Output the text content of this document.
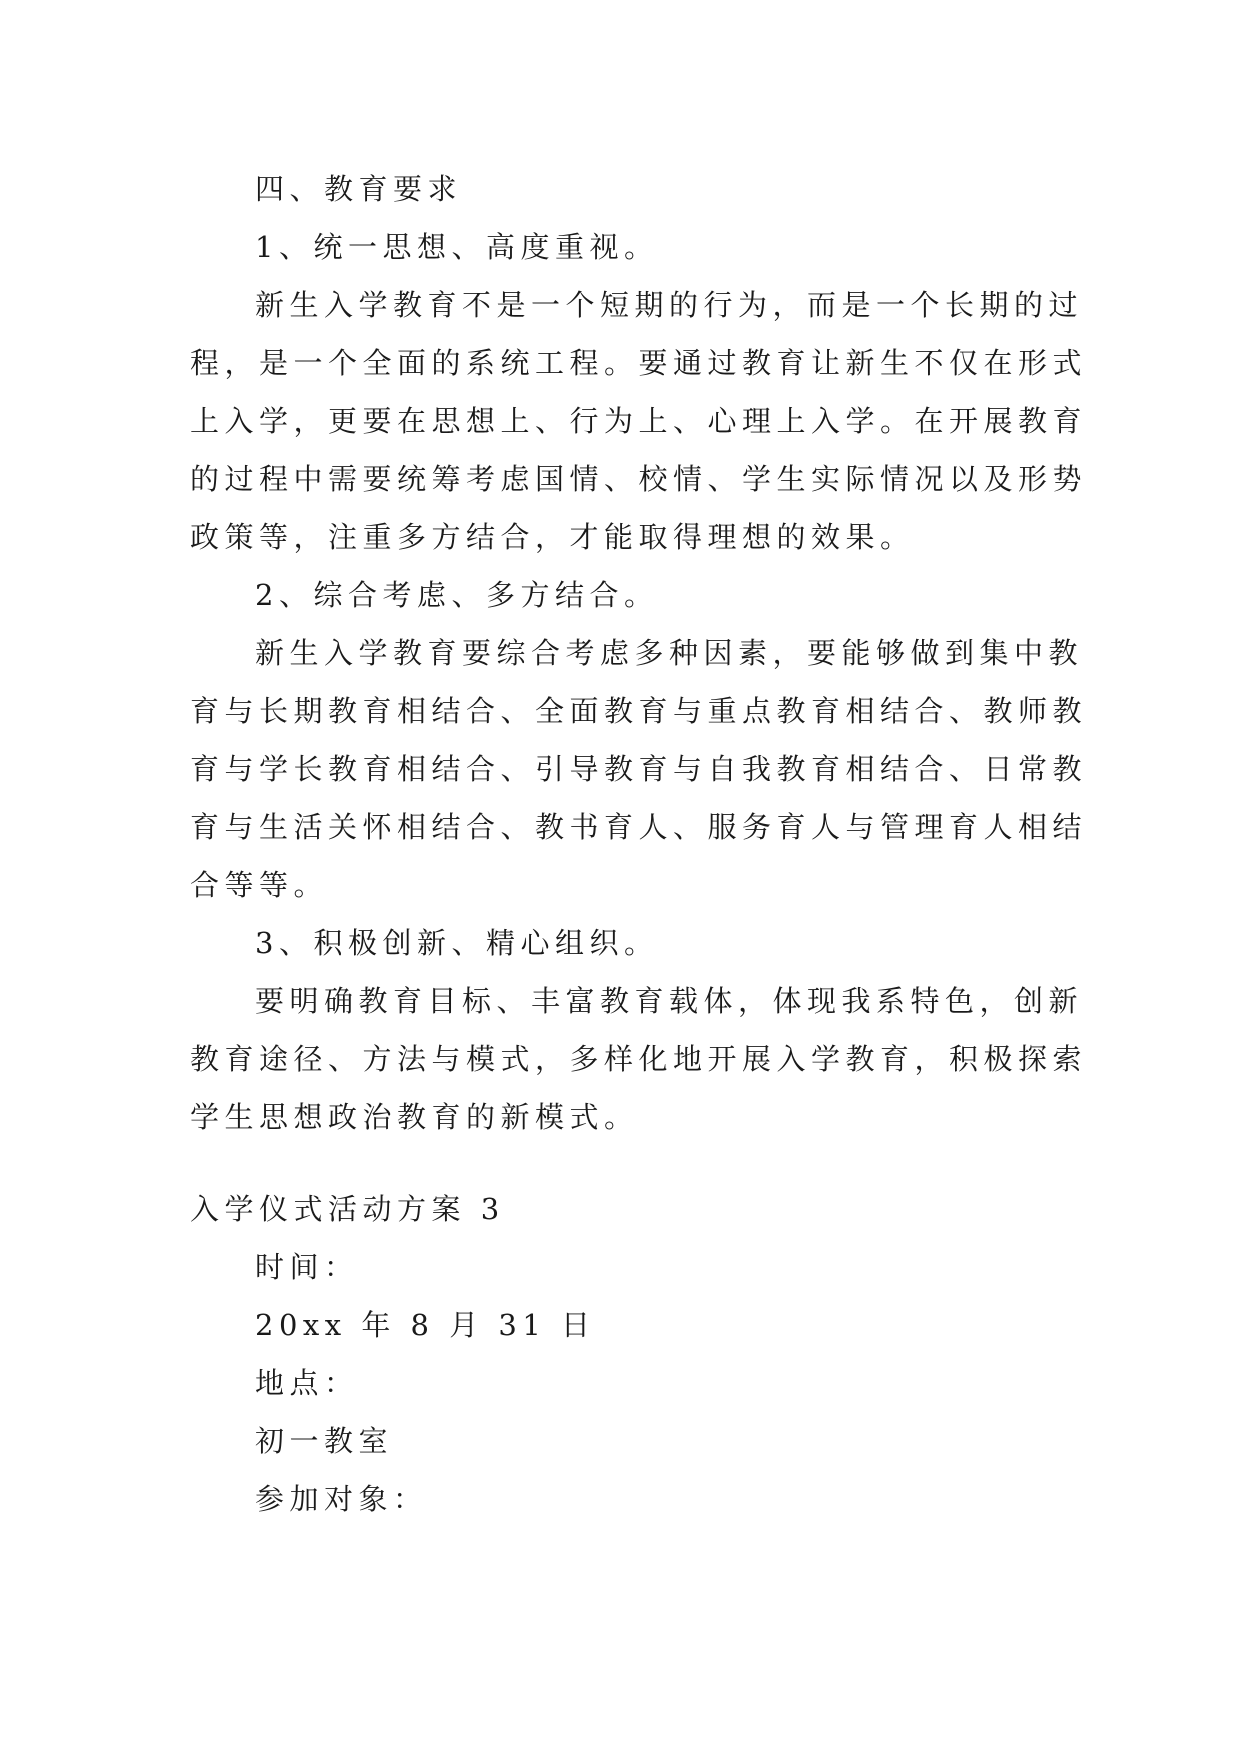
四、教育要求

1、统一思想、高度重视。

新生入学教育不是一个短期的行为，而是一个长期的过

程，是一个全面的系统工程。要通过教育让新生不仅在形式

上入学，更要在思想上、行为上、心理上入学。在开展教育

的过程中需要统筹考虑国情、校情、学生实际情况以及形势

政策等，注重多方结合，才能取得理想的效果。

2、综合考虑、多方结合。

新生入学教育要综合考虑多种因素，要能够做到集中教

育与长期教育相结合、全面教育与重点教育相结合、教师教

育与学长教育相结合、引导教育与自我教育相结合、日常教

育与生活关怀相结合、教书育人、服务育人与管理育人相结

合等等。

3、积极创新、精心组织。

要明确教育目标、丰富教育载体，体现我系特色，创新

教育途径、方法与模式，多样化地开展入学教育，积极探索

学生思想政治教育的新模式。

入学仪式活动方案 3

时间：

20xx 年 8 月 31 日

地点：

初一教室

参加对象：
